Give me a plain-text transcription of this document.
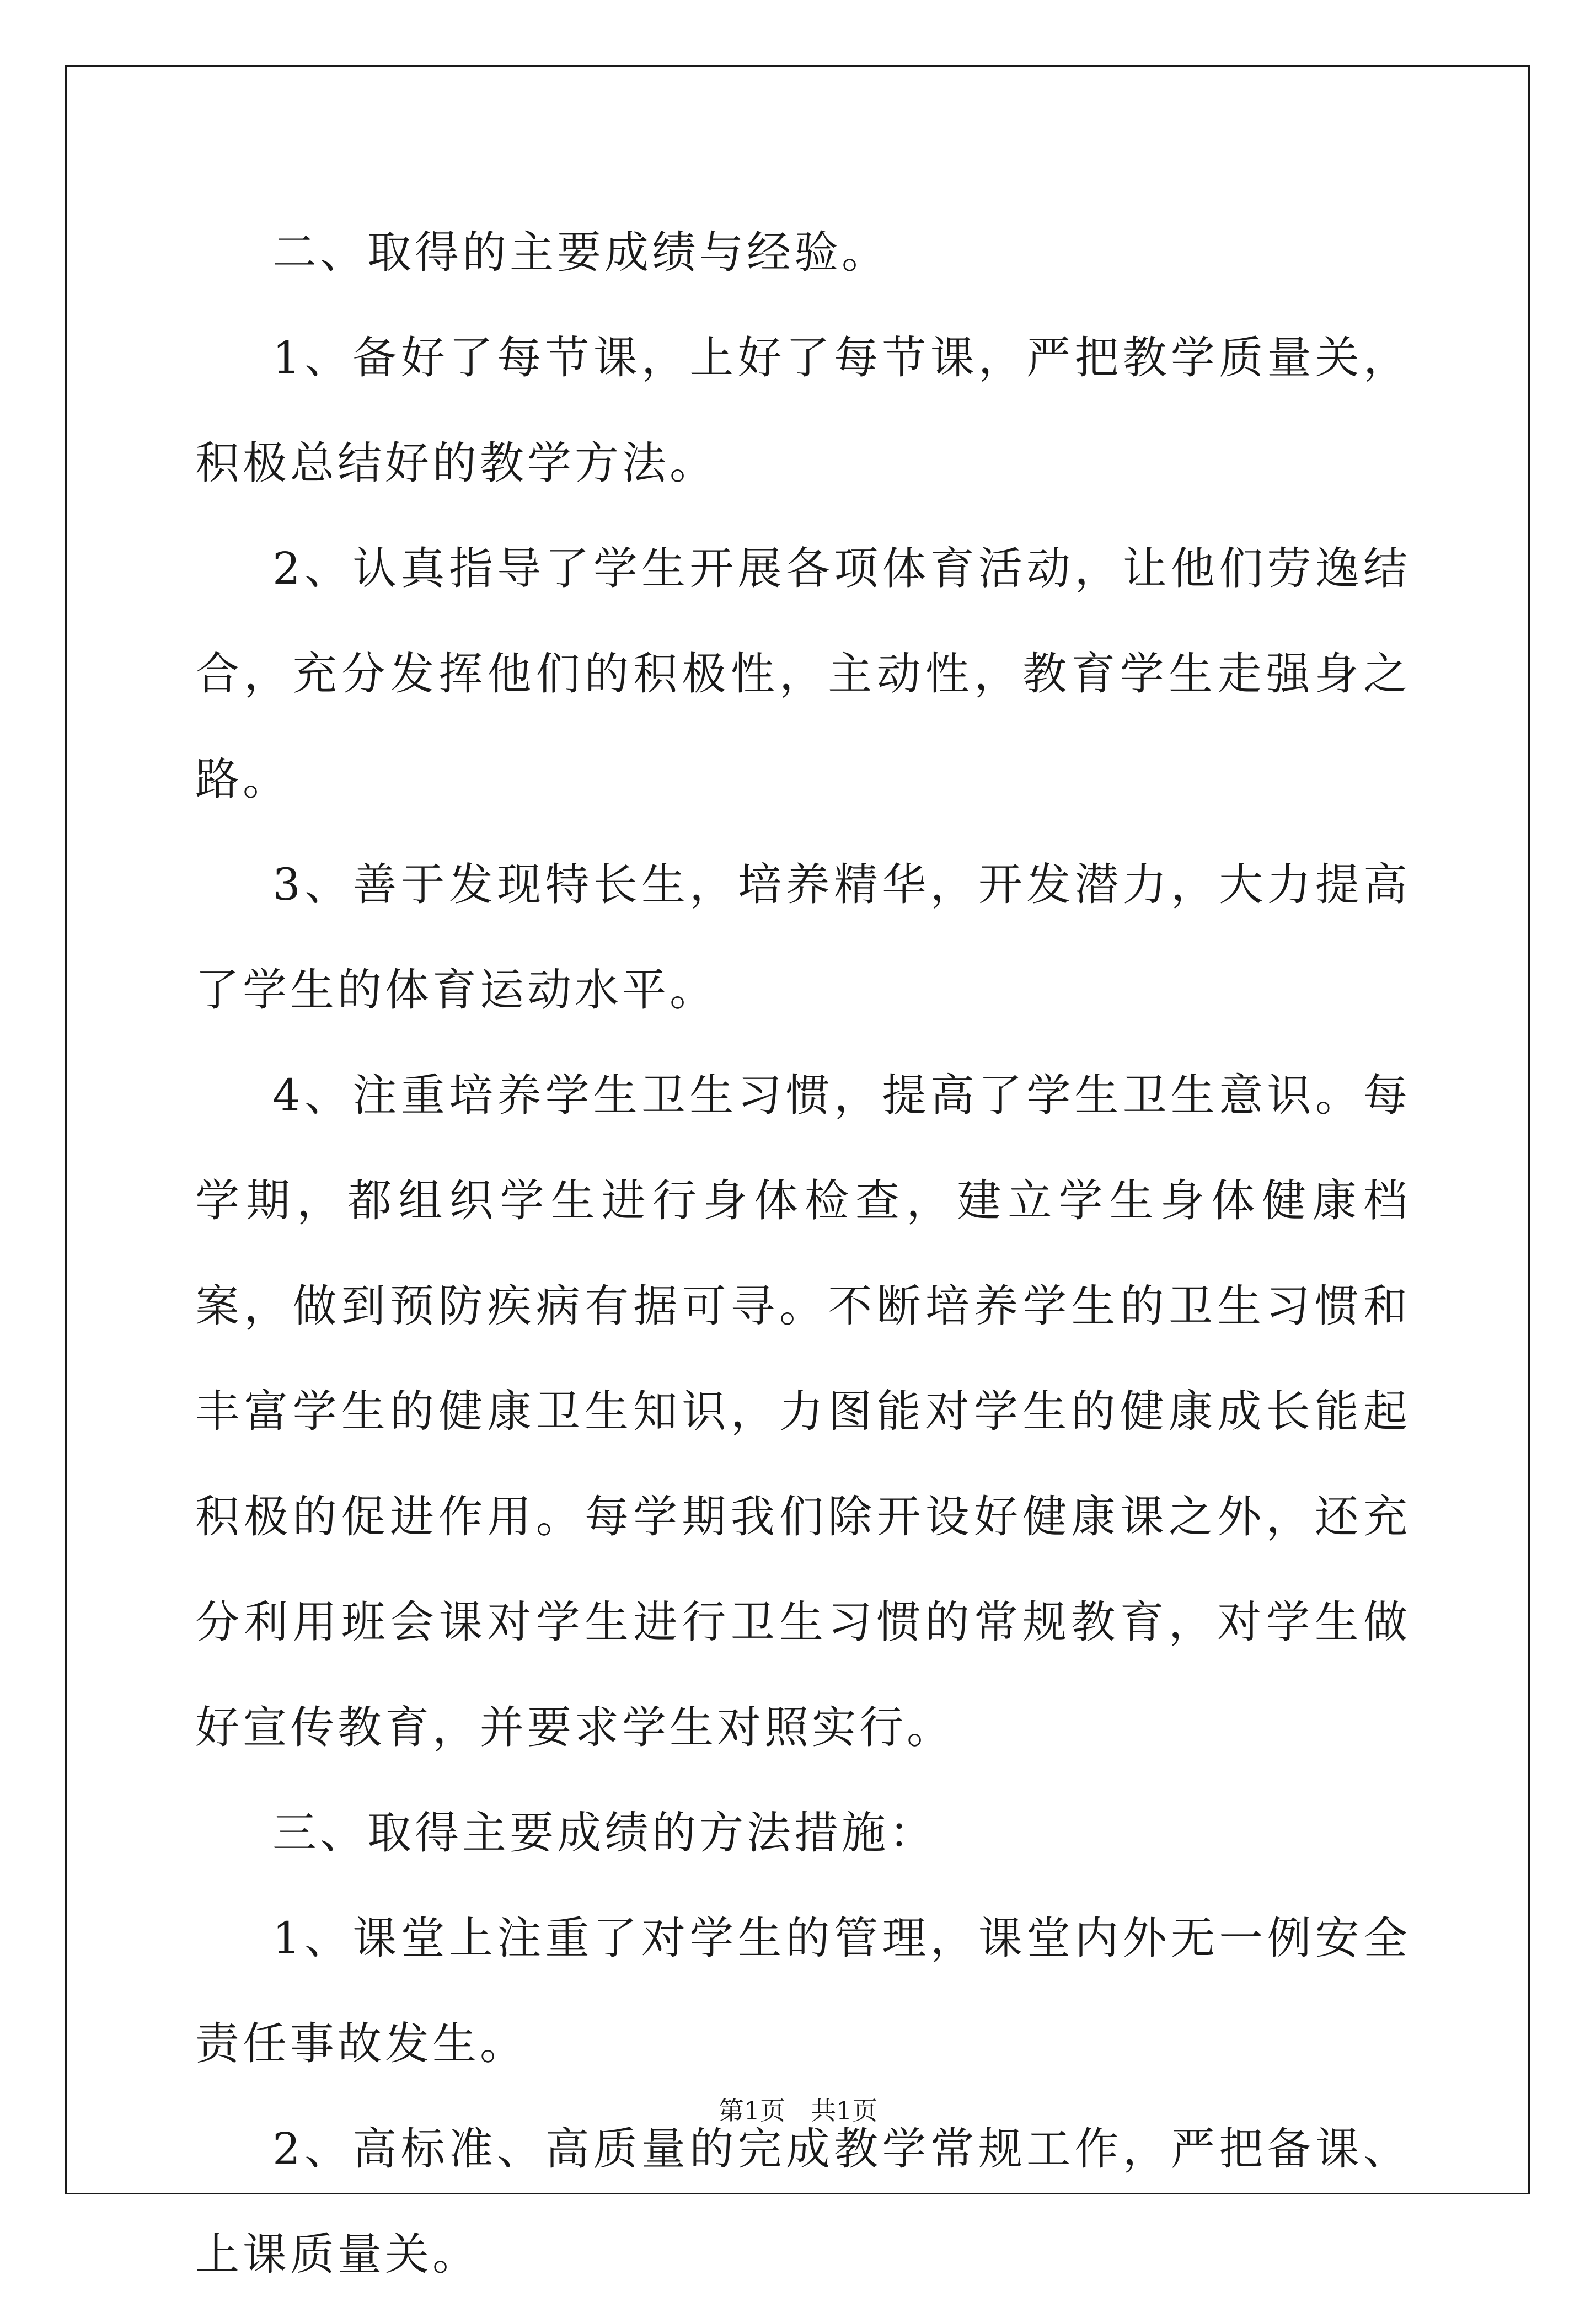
二、取得的主要成绩与经验。

1、备好了每节课，上好了每节课，严把教学质量关，积极总结好的教学方法。

2、认真指导了学生开展各项体育活动，让他们劳逸结合，充分发挥他们的积极性，主动性，教育学生走强身之路。

3、善于发现特长生，培养精华，开发潜力，大力提高了学生的体育运动水平。

4、注重培养学生卫生习惯，提高了学生卫生意识。每学期，都组织学生进行身体检查，建立学生身体健康档案，做到预防疾病有据可寻。不断培养学生的卫生习惯和丰富学生的健康卫生知识，力图能对学生的健康成长能起积极的促进作用。每学期我们除开设好健康课之外，还充分利用班会课对学生进行卫生习惯的常规教育，对学生做好宣传教育，并要求学生对照实行。

三、取得主要成绩的方法措施：

1、课堂上注重了对学生的管理，课堂内外无一例安全责任事故发生。

2、高标准、高质量的完成教学常规工作，严把备课、上课质量关。

第1页 共1页
